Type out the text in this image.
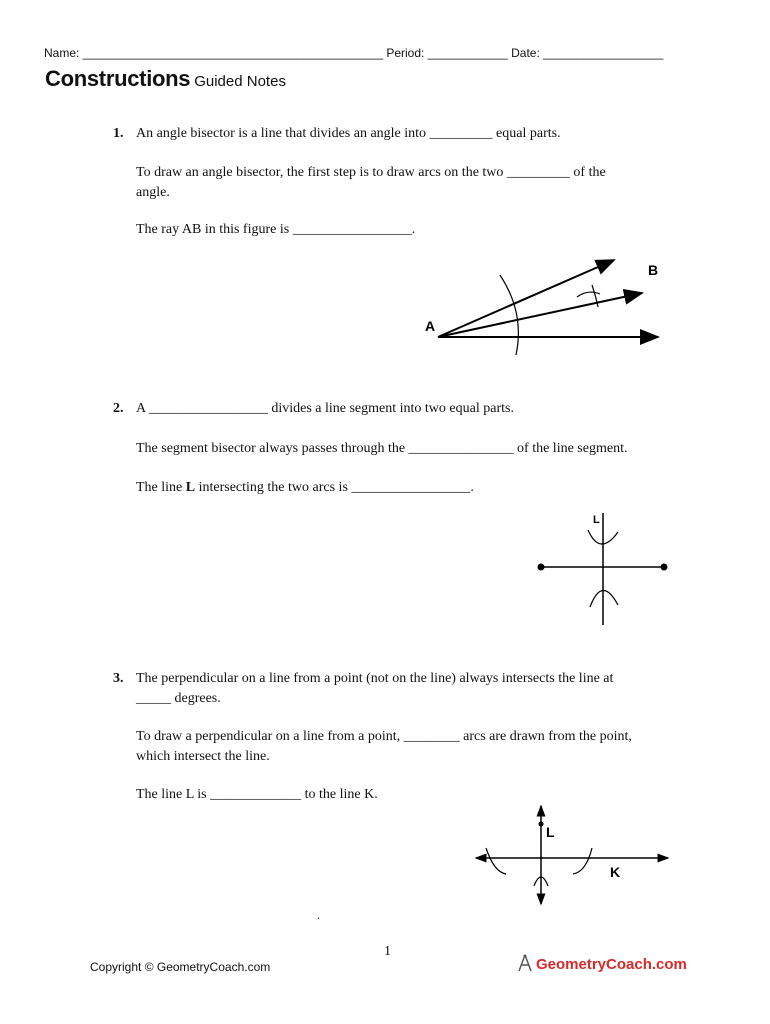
Name: _____________________________________________ Period: ____________ Date: __________________
Constructions Guided Notes
1. An angle bisector is a line that divides an angle into _________ equal parts.
To draw an angle bisector, the first step is to draw arcs on the two _________ of the
angle.
The ray AB in this figure is _________________.
A
B
2. A _________________ divides a line segment into two equal parts.
The segment bisector always passes through the _______________ of the line segment.
The line L intersecting the two arcs is _________________.
L
3. The perpendicular on a line from a point (not on the line) always intersects the line at
_____ degrees.
To draw a perpendicular on a line from a point, ________ arcs are drawn from the point,
which intersect the line.
The line L is _____________ to the line K.
L
K
.
1
Copyright © GeometryCoach.com	GeometryCoach.com
